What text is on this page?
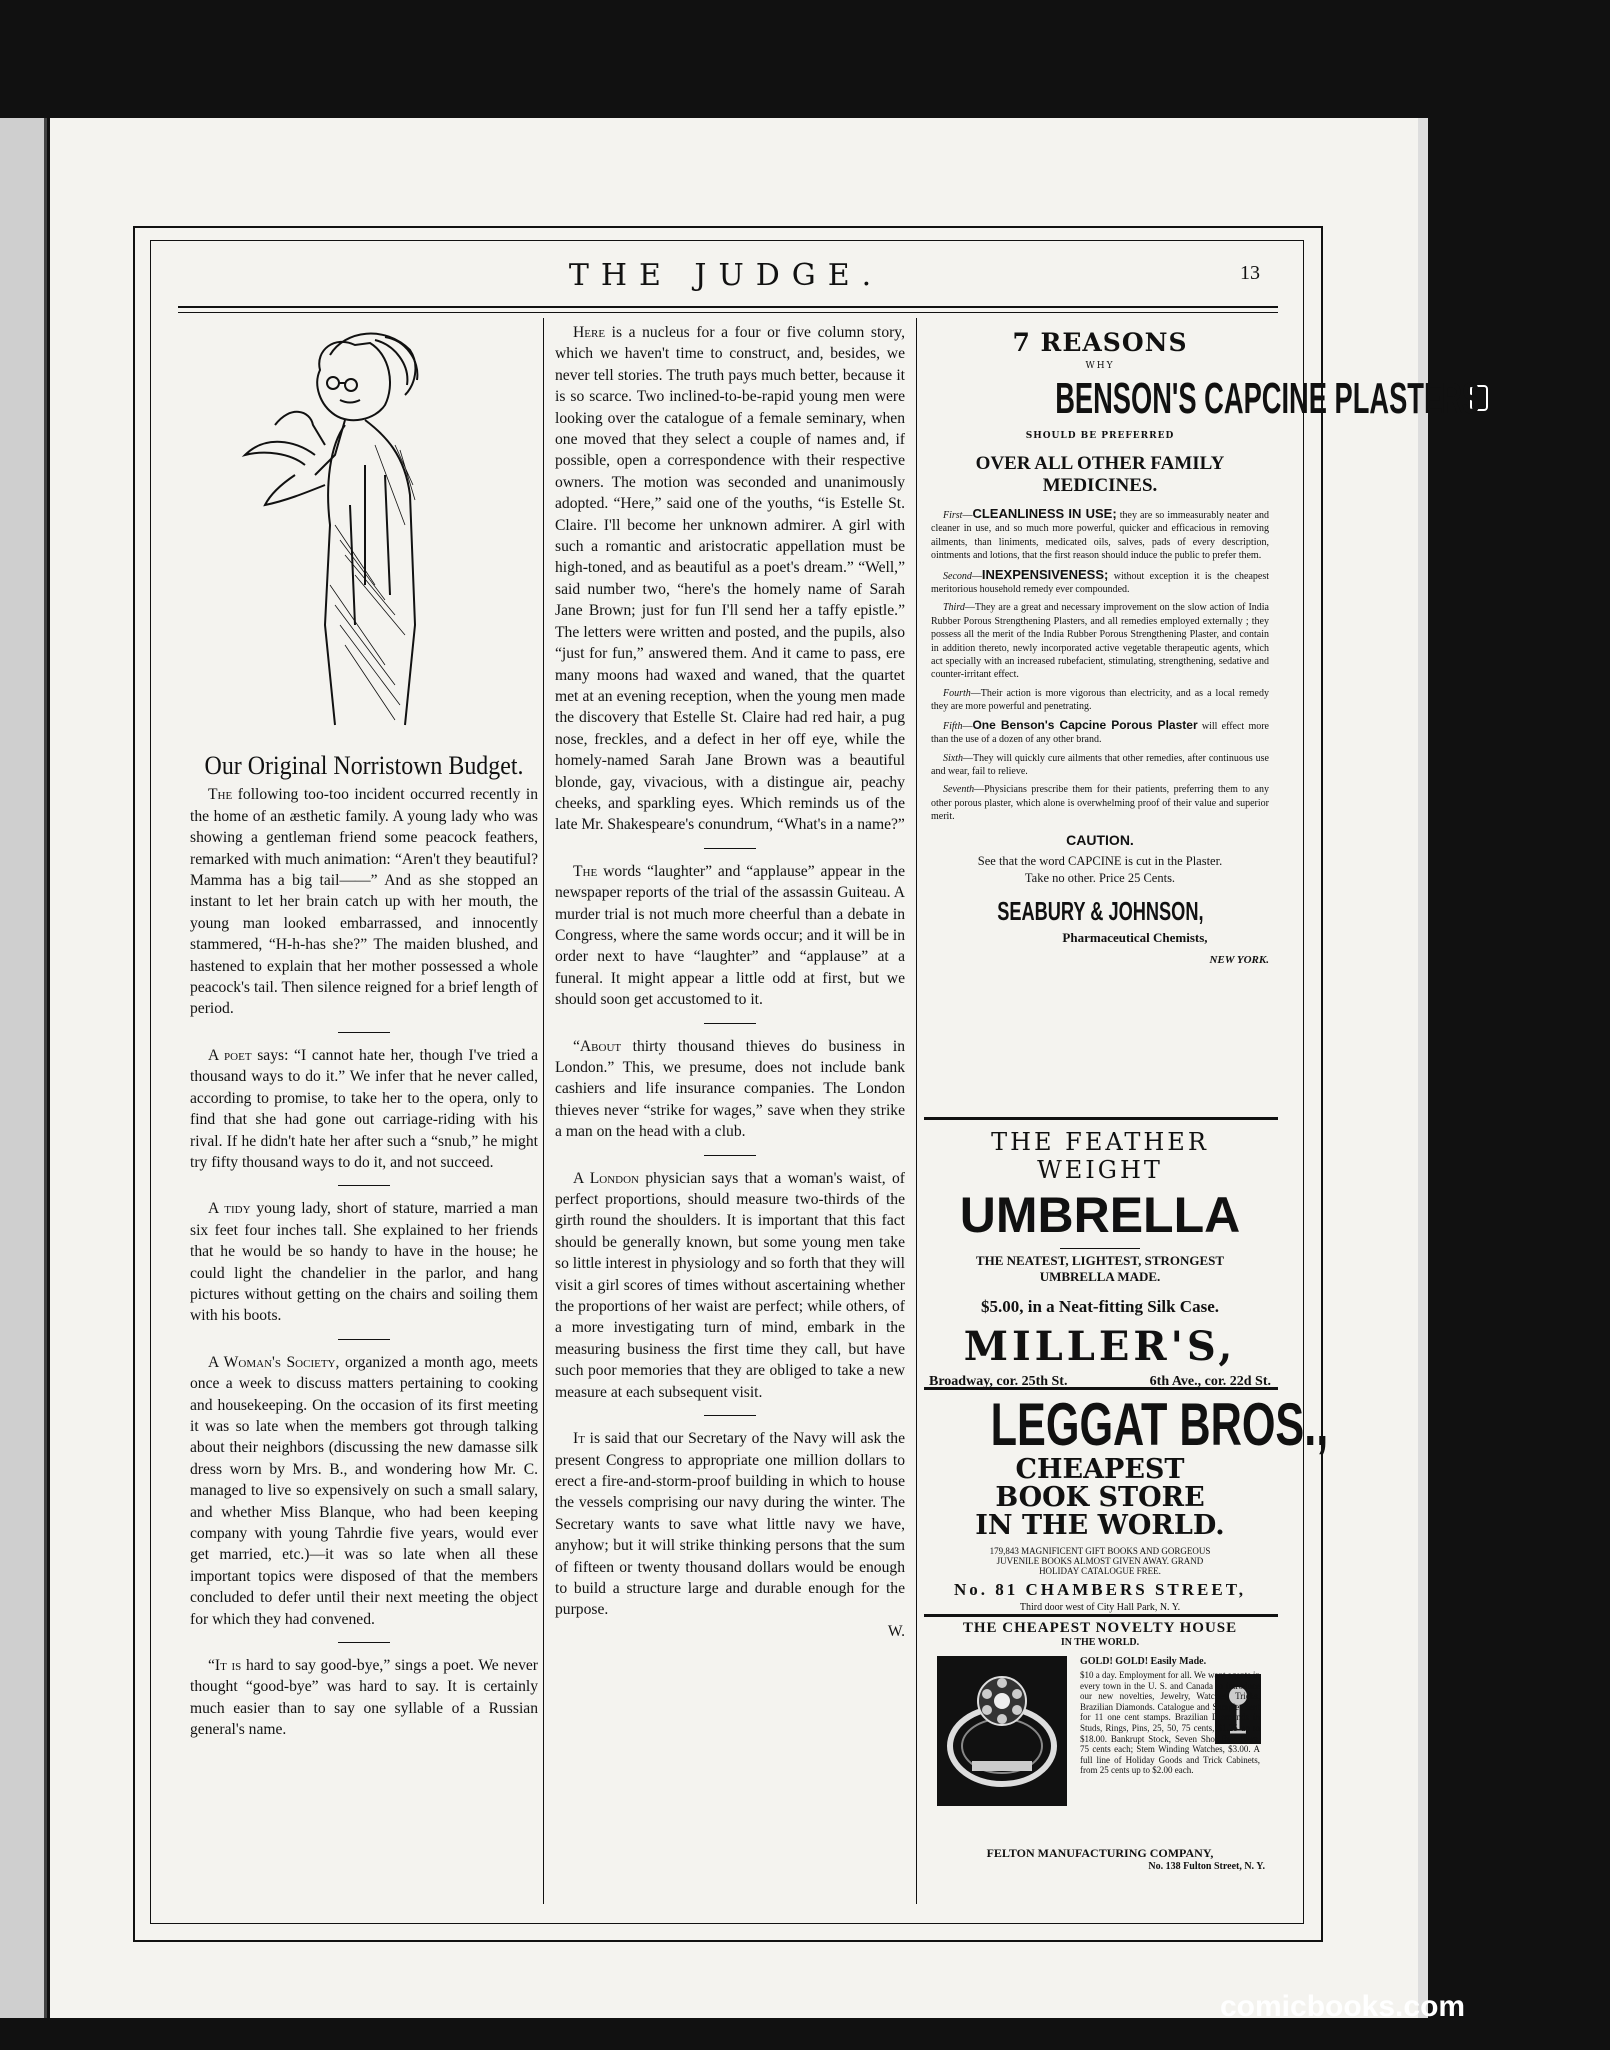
THE JUDGE.	13
Our Original Norristown Budget.

The following too-too incident occurred recently in the home of an æsthetic family. A young lady who was showing a gentleman friend some peacock feathers, remarked with much animation: “Aren't they beautiful? Mamma has a big tail——” And as she stopped an instant to let her brain catch up with her mouth, the young man looked embarrassed, and innocently stammered, “H-h-has she?” The maiden blushed, and hastened to explain that her mother possessed a whole peacock's tail. Then silence reigned for a brief length of period.

A poet says: “I cannot hate her, though I've tried a thousand ways to do it.” We infer that he never called, according to promise, to take her to the opera, only to find that she had gone out carriage-riding with his rival. If he didn't hate her after such a “snub,” he might try fifty thousand ways to do it, and not succeed.

A tidy young lady, short of stature, married a man six feet four inches tall. She explained to her friends that he would be so handy to have in the house; he could light the chandelier in the parlor, and hang pictures without getting on the chairs and soiling them with his boots.

A Woman's Society, organized a month ago, meets once a week to discuss matters pertaining to cooking and housekeeping. On the occasion of its first meeting it was so late when the members got through talking about their neighbors (discussing the new damasse silk dress worn by Mrs. B., and wondering how Mr. C. managed to live so expensively on such a small salary, and whether Miss Blanque, who had been keeping company with young Tahrdie five years, would ever get married, etc.)—it was so late when all these important topics were disposed of that the members concluded to defer until their next meeting the object for which they had convened.

“It is hard to say good-bye,” sings a poet. We never thought “good-bye” was hard to say. It is certainly much easier than to say one syllable of a Russian general's name.

Here is a nucleus for a four or five column story, which we haven't time to construct, and, besides, we never tell stories. The truth pays much better, because it is so scarce. Two inclined-to-be-rapid young men were looking over the catalogue of a female seminary, when one moved that they select a couple of names and, if possible, open a correspondence with their respective owners. The motion was seconded and unanimously adopted. “Here,” said one of the youths, “is Estelle St. Claire. I'll become her unknown admirer. A girl with such a romantic and aristocratic appellation must be high-toned, and as beautiful as a poet's dream.” “Well,” said number two, “here's the homely name of Sarah Jane Brown; just for fun I'll send her a taffy epistle.” The letters were written and posted, and the pupils, also “just for fun,” answered them. And it came to pass, ere many moons had waxed and waned, that the quartet met at an evening reception, when the young men made the discovery that Estelle St. Claire had red hair, a pug nose, freckles, and a defect in her off eye, while the homely-named Sarah Jane Brown was a beautiful blonde, gay, vivacious, with a distingue air, peachy cheeks, and sparkling eyes. Which reminds us of the late Mr. Shakespeare's conundrum, “What's in a name?”

The words “laughter” and “applause” appear in the newspaper reports of the trial of the assassin Guiteau. A murder trial is not much more cheerful than a debate in Congress, where the same words occur; and it will be in order next to have “laughter” and “applause” at a funeral. It might appear a little odd at first, but we should soon get accustomed to it.

“About thirty thousand thieves do business in London.” This, we presume, does not include bank cashiers and life insurance companies. The London thieves never “strike for wages,” save when they strike a man on the head with a club.

A London physician says that a woman's waist, of perfect proportions, should measure two-thirds of the girth round the shoulders. It is important that this fact should be generally known, but some young men take so little interest in physiology and so forth that they will visit a girl scores of times without ascertaining whether the proportions of her waist are perfect; while others, of a more investigating turn of mind, embark in the measuring business the first time they call, but have such poor memories that they are obliged to take a new measure at each subsequent visit.

It is said that our Secretary of the Navy will ask the present Congress to appropriate one million dollars to erect a fire-and-storm-proof building in which to house the vessels comprising our navy during the winter. The Secretary wants to save what little navy we have, anyhow; but it will strike thinking persons that the sum of fifteen or twenty thousand dollars would be enough to build a structure large and durable enough for the purpose.

W.
7 REASONS
WHY
BENSON'S CAPCINE PLASTERS
SHOULD BE PREFERRED
OVER ALL OTHER FAMILY MEDICINES.
First—CLEANLINESS IN USE; they are so immeasurably neater and cleaner in use, and so much more powerful, quicker and efficacious in removing ailments, than liniments, medicated oils, salves, pads of every description, ointments and lotions, that the first reason should induce the public to prefer them.
Second—INEXPENSIVENESS; without exception it is the cheapest meritorious household remedy ever compounded.
Third—They are a great and necessary improvement on the slow action of India Rubber Porous Strengthening Plasters, and all remedies employed externally ; they possess all the merit of the India Rubber Porous Strengthening Plaster, and contain in addition thereto, newly incorporated active vegetable therapeutic agents, which act specially with an increased rubefacient, stimulating, strengthening, sedative and counter-irritant effect.
Fourth—Their action is more vigorous than electricity, and as a local remedy they are more powerful and penetrating.
Fifth—One Benson's Capcine Porous Plaster will effect more than the use of a dozen of any other brand.
Sixth—They will quickly cure ailments that other remedies, after continuous use and wear, fail to relieve.
Seventh—Physicians prescribe them for their patients, preferring them to any other porous plaster, which alone is overwhelming proof of their value and superior merit.
CAUTION.
See that the word CAPCINE is cut in the Plaster.
Take no other. Price 25 Cents.
SEABURY & JOHNSON,
Pharmaceutical Chemists,
NEW YORK.
THE FEATHER WEIGHT
UMBRELLA
THE NEATEST, LIGHTEST, STRONGEST
UMBRELLA MADE.
$5.00, in a Neat-fitting Silk Case.
MILLER'S,
Broadway, cor. 25th St.	6th Ave., cor. 22d St.
LEGGAT BROS.,
CHEAPEST
BOOK STORE
IN THE WORLD.
179,843 MAGNIFICENT GIFT BOOKS AND GORGEOUS
JUVENILE BOOKS ALMOST GIVEN AWAY. GRAND
HOLIDAY CATALOGUE FREE.
No. 81 CHAMBERS STREET,
Third door west of City Hall Park, N. Y.
THE CHEAPEST NOVELTY HOUSE
IN THE WORLD.
GOLD! GOLD! Easily Made.
$10 a day. Employment for all. We want agents in every town in the U. S. and Canada to introduce our new novelties, Jewelry, Watches, Tricks, Brazilian Diamonds. Catalogue and Samples sent for 11 one cent stamps. Brazilian Diamonds in Studs, Rings, Pins, 25, 50, 75 cents, $1.25 up to $18.00. Bankrupt Stock, Seven Shot Revolvers, 75 cents each; Stem Winding Watches, $3.00. A full line of Holiday Goods and Trick Cabinets, from 25 cents up to $2.00 each.
FELTON MANUFACTURING COMPANY,
No. 138 Fulton Street, N. Y.
comicbooks.com
